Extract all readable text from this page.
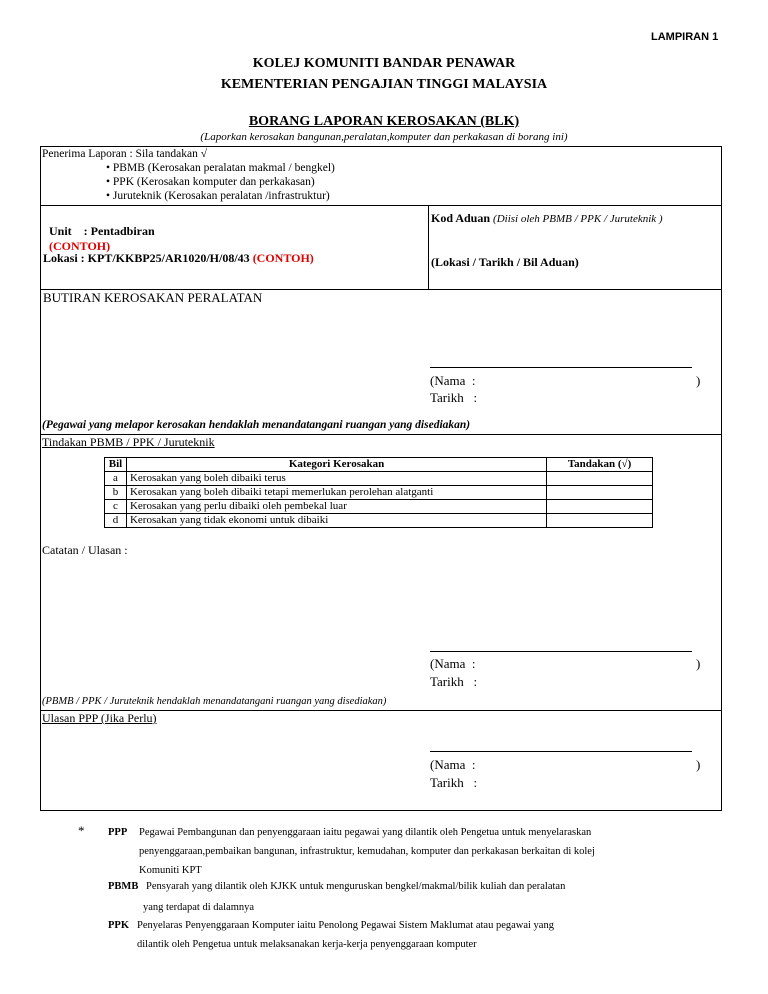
LAMPIRAN 1
KOLEJ KOMUNITI BANDAR PENAWAR
KEMENTERIAN PENGAJIAN TINGGI MALAYSIA
BORANG LAPORAN KEROSAKAN (BLK)
(Laporkan kerosakan bangunan,peralatan,komputer dan perkakasan di borang ini)
Penerima Laporan : Sila tandakan √
• PBMB (Kerosakan peralatan makmal / bengkel)
• PPK (Kerosakan komputer dan perkakasan)
• Juruteknik (Kerosakan peralatan /infrastruktur)

Unit    : Pentadbiran
(CONTOH)

Kod Aduan (Diisi oleh PBMB / PPK / Juruteknik )
Lokasi : KPT/KKBP25/AR1020/H/08/43 (CONTOH)	(Lokasi / Tarikh / Bil Aduan)
BUTIRAN KEROSAKAN PERALATAN
(Nama  :	)
Tarikh   :
(Pegawai yang melapor kerosakan hendaklah menandatangani ruangan yang disediakan)
Tindakan PBMB / PPK / Juruteknik
Bil	Kategori Kerosakan	Tandakan (√)
a	Kerosakan yang boleh dibaiki terus	
b	Kerosakan yang boleh dibaiki tetapi memerlukan perolehan alatganti	
c	Kerosakan yang perlu dibaiki oleh pembekal luar	
d	Kerosakan yang tidak ekonomi untuk dibaiki	
Catatan / Ulasan :
(Nama  :	)
Tarikh   :
(PBMB / PPK / Juruteknik hendaklah menandatangani ruangan yang disediakan)
Ulasan PPP (Jika Perlu)
(Nama  :	)
Tarikh   :
* PPP Pegawai Pembangunan dan penyenggaraan iaitu pegawai yang dilantik oleh Pengetua untuk menyelaraskan
penyenggaraan,pembaikan bangunan, infrastruktur, kemudahan, komputer dan perkakasan berkaitan di kolej
Komuniti KPT
PBMB Pensyarah yang dilantik oleh KJKK untuk menguruskan bengkel/makmal/bilik kuliah dan peralatan
yang terdapat di dalamnya
PPK Penyelaras Penyenggaraan Komputer iaitu Penolong Pegawai Sistem Maklumat atau pegawai yang
dilantik oleh Pengetua untuk melaksanakan kerja-kerja penyenggaraan komputer
